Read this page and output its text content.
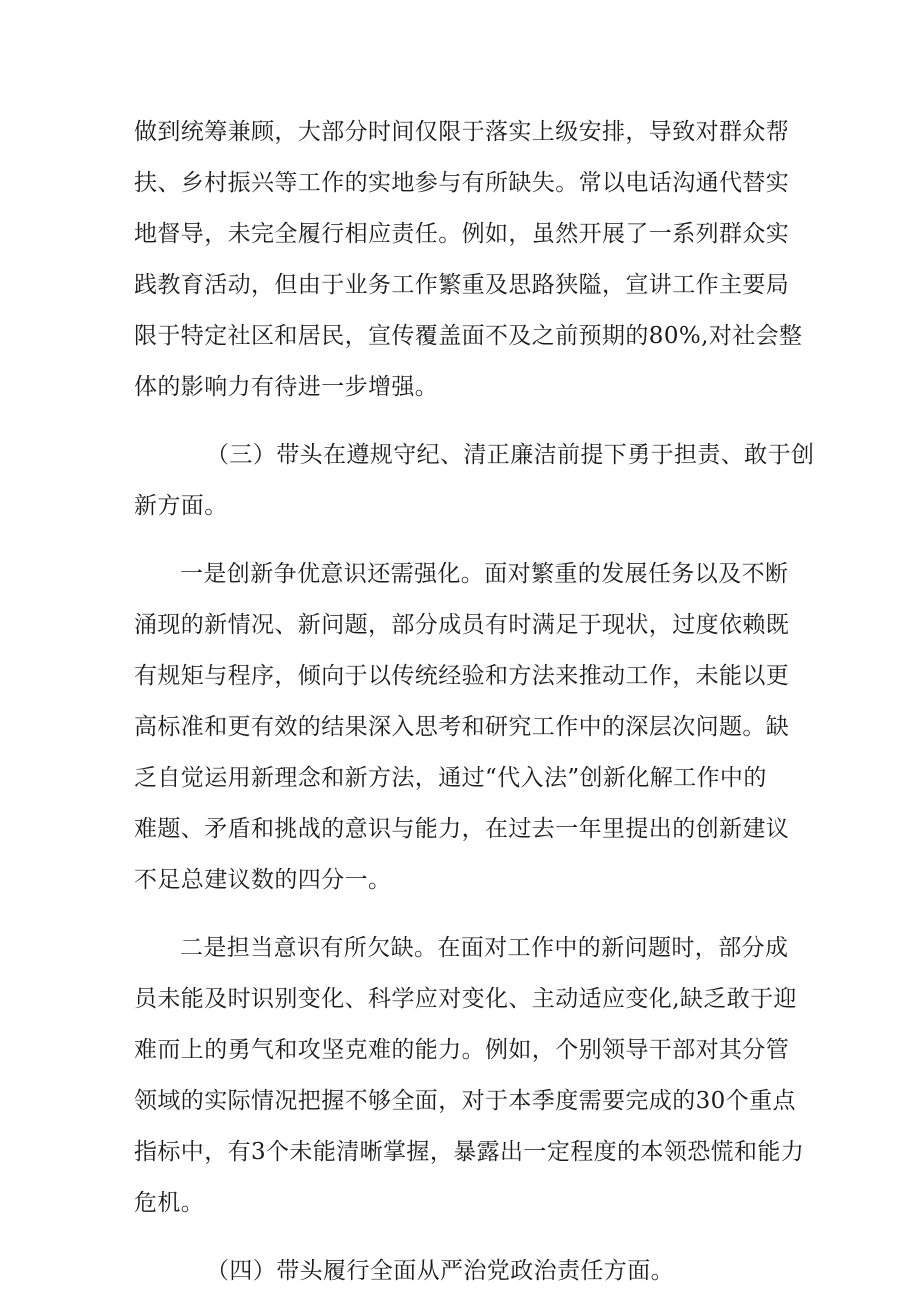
做到统筹兼顾，大部分时间仅限于落实上级安排，导致对群众帮
扶、乡村振兴等工作的实地参与有所缺失。常以电话沟通代替实
地督导，未完全履行相应责任。例如，虽然开展了一系列群众实
践教育活动，但由于业务工作繁重及思路狭隘，宣讲工作主要局
限于特定社区和居民，宣传覆盖面不及之前预期的80%,对社会整
体的影响力有待进一步增强。

（三）带头在遵规守纪、清正廉洁前提下勇于担责、敢于创
新方面。

一是创新争优意识还需强化。面对繁重的发展任务以及不断
涌现的新情况、新问题，部分成员有时满足于现状，过度依赖既
有规矩与程序，倾向于以传统经验和方法来推动工作，未能以更
高标准和更有效的结果深入思考和研究工作中的深层次问题。缺
乏自觉运用新理念和新方法，通过“代入法”创新化解工作中的
难题、矛盾和挑战的意识与能力，在过去一年里提出的创新建议
不足总建议数的四分一。

二是担当意识有所欠缺。在面对工作中的新问题时，部分成
员未能及时识别变化、科学应对变化、主动适应变化,缺乏敢于迎
难而上的勇气和攻坚克难的能力。例如，个别领导干部对其分管
领域的实际情况把握不够全面，对于本季度需要完成的30个重点
指标中，有3个未能清晰掌握，暴露出一定程度的本领恐慌和能力
危机。

（四）带头履行全面从严治党政治责任方面。
